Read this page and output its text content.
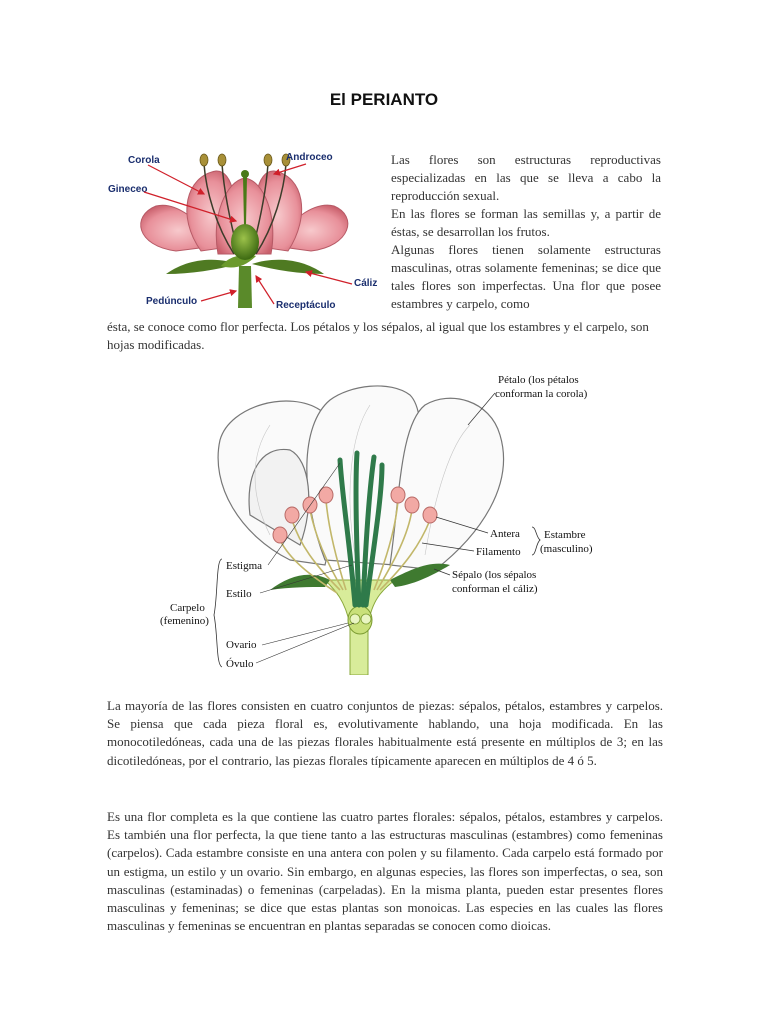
El PERIANTO
Corola	Androceo
Gineceo
Cáliz
Pedúnculo	Receptáculo

Las flores son estructuras reproductivas especializadas en las que se lleva a cabo la reproducción sexual.

En las flores se forman las semillas y, a partir de éstas, se desarrollan los frutos.

Algunas flores tienen solamente estructuras masculinas, otras solamente femeninas; se dice que tales flores son imperfectas. Una flor que posee estambres y carpelo, como

ésta, se conoce como flor perfecta. Los pétalos y los sépalos, al igual que los estambres y el carpelo, son hojas modificadas.

Pétalo (los pétalos
conforman la corola)
Antera
Filamento
Estambre
(masculino)
Sépalo (los sépalos
conforman el cáliz)
Estigma
Estilo
Carpelo
(femenino)
Ovario
Óvulo

La mayoría de las flores consisten en cuatro conjuntos de piezas: sépalos, pétalos, estambres y carpelos. Se piensa que cada pieza floral es, evolutivamente hablando, una hoja modificada. En las monocotiledóneas, cada una de las piezas florales habitualmente está presente en múltiplos de 3; en las dicotiledóneas, por el contrario, las piezas florales típicamente aparecen en múltiplos de 4 ó 5.

Es una flor completa es la que contiene las cuatro partes florales: sépalos, pétalos, estambres y carpelos. Es también una flor perfecta, la que tiene tanto a las estructuras masculinas (estambres) como femeninas (carpelos). Cada estambre consiste en una antera con polen y su filamento. Cada carpelo está formado por un estigma, un estilo y un ovario. Sin embargo, en algunas especies, las flores son imperfectas, o sea, son masculinas (estaminadas) o femeninas (carpeladas). En la misma planta, pueden estar presentes flores masculinas y femeninas; se dice que estas plantas son monoicas. Las especies en las cuales las flores masculinas y femeninas se encuentran en plantas separadas se conocen como dioicas.
